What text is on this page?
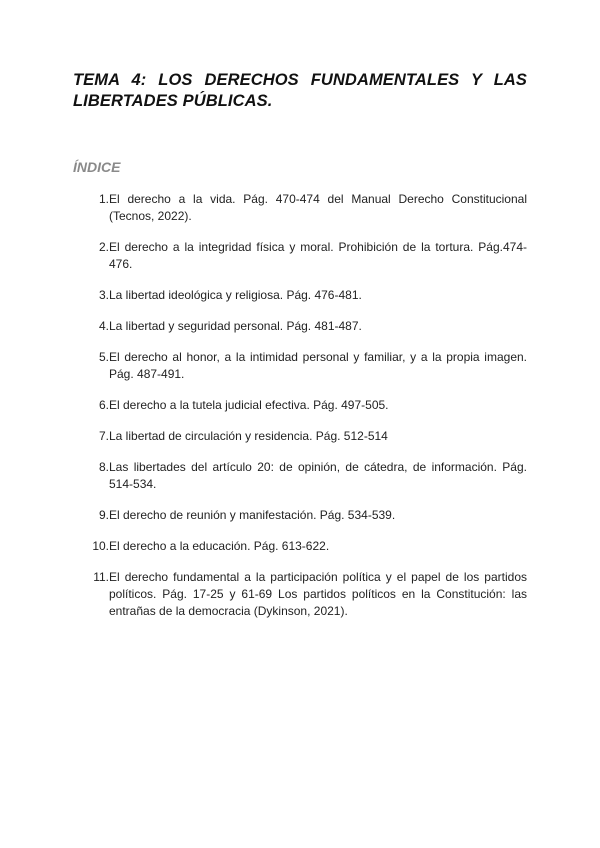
TEMA 4: LOS DERECHOS FUNDAMENTALES Y LAS LIBERTADES PÚBLICAS.
ÍNDICE
1. El derecho a la vida. Pág. 470-474 del Manual Derecho Constitucional (Tecnos, 2022).
2. El derecho a la integridad física y moral. Prohibición de la tortura. Pág.474-476.
3. La libertad ideológica y religiosa. Pág. 476-481.
4. La libertad y seguridad personal. Pág. 481-487.
5. El derecho al honor, a la intimidad personal y familiar, y a la propia imagen. Pág. 487-491.
6. El derecho a la tutela judicial efectiva. Pág. 497-505.
7. La libertad de circulación y residencia. Pág. 512-514
8. Las libertades del artículo 20: de opinión, de cátedra, de información. Pág. 514-534.
9. El derecho de reunión y manifestación. Pág. 534-539.
10. El derecho a la educación. Pág. 613-622.
11. El derecho fundamental a la participación política y el papel de los partidos políticos. Pág. 17-25 y 61-69 Los partidos políticos en la Constitución: las entrañas de la democracia (Dykinson, 2021).
